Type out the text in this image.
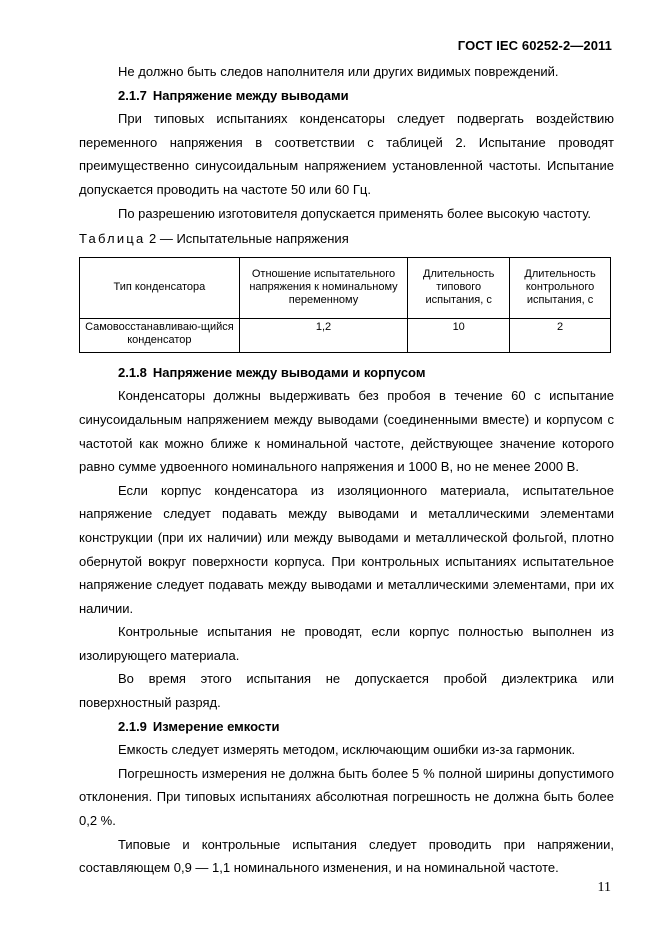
ГОСТ IEC 60252-2—2011

Не должно быть следов наполнителя или других видимых повреждений.

2.1.7 Напряжение между выводами

При типовых испытаниях конденсаторы следует подвергать воздействию переменного напряжения в соответствии с таблицей 2. Испытание проводят преимущественно синусоидальным напряжением установленной частоты. Испытание допускается проводить на частоте 50 или 60 Гц.

По разрешению изготовителя допускается применять более высокую частоту.

Таблица 2 — Испытательные напряжения

Тип конденсатора	Отношение испытательного напряжения к номинальному переменному	Длительность типового испытания, с	Длительность контрольного испытания, с
Самовосстанавливаю-щийся конденсатор	1,2	10	2

2.1.8 Напряжение между выводами и корпусом

Конденсаторы должны выдерживать без пробоя в течение 60 с испытание синусоидальным напряжением между выводами (соединенными вместе) и корпусом с частотой как можно ближе к номинальной частоте, действующее значение которого равно сумме удвоенного номинального напряжения и 1000 В, но не менее 2000 В.

Если корпус конденсатора из изоляционного материала, испытательное напряжение следует подавать между выводами и металлическими элементами конструкции (при их наличии) или между выводами и металлической фольгой, плотно обернутой вокруг поверхности корпуса. При контрольных испытаниях испытательное напряжение следует подавать между выводами и металлическими элементами, при их наличии.

Контрольные испытания не проводят, если корпус полностью выполнен из изолирующего материала.

Во время этого испытания не допускается пробой диэлектрика или поверхностный разряд.

2.1.9 Измерение емкости

Емкость следует измерять методом, исключающим ошибки из-за гармоник.

Погрешность измерения не должна быть более 5 % полной ширины допустимого отклонения. При типовых испытаниях абсолютная погрешность не должна быть более 0,2 %.

Типовые и контрольные испытания следует проводить при напряжении, составляющем 0,9 — 1,1 номинального изменения, и на номинальной частоте.

11
